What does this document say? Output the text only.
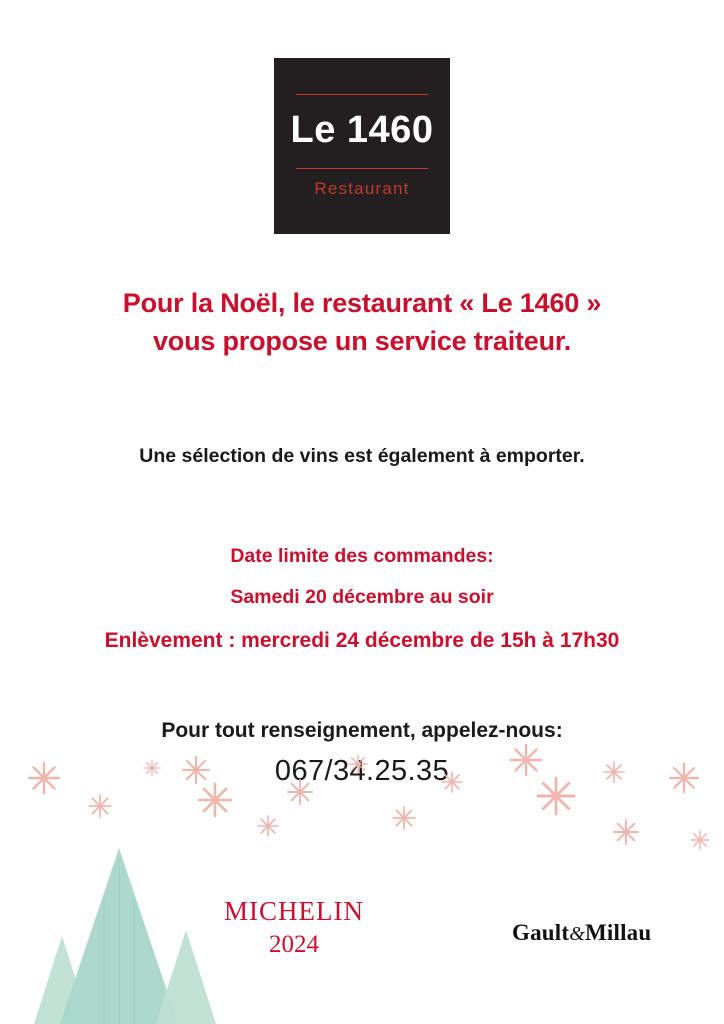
Le 1460
Restaurant
Pour la Noël, le restaurant « Le 1460 »
vous propose un service traiteur.
Une sélection de vins est également à emporter.
Date limite des commandes:
Samedi 20 décembre au soir
Enlèvement : mercredi 24 décembre de 15h à 17h30
Pour tout renseignement, appelez-nous:
067/34.25.35
MICHELIN
2024	Gault&Millau
